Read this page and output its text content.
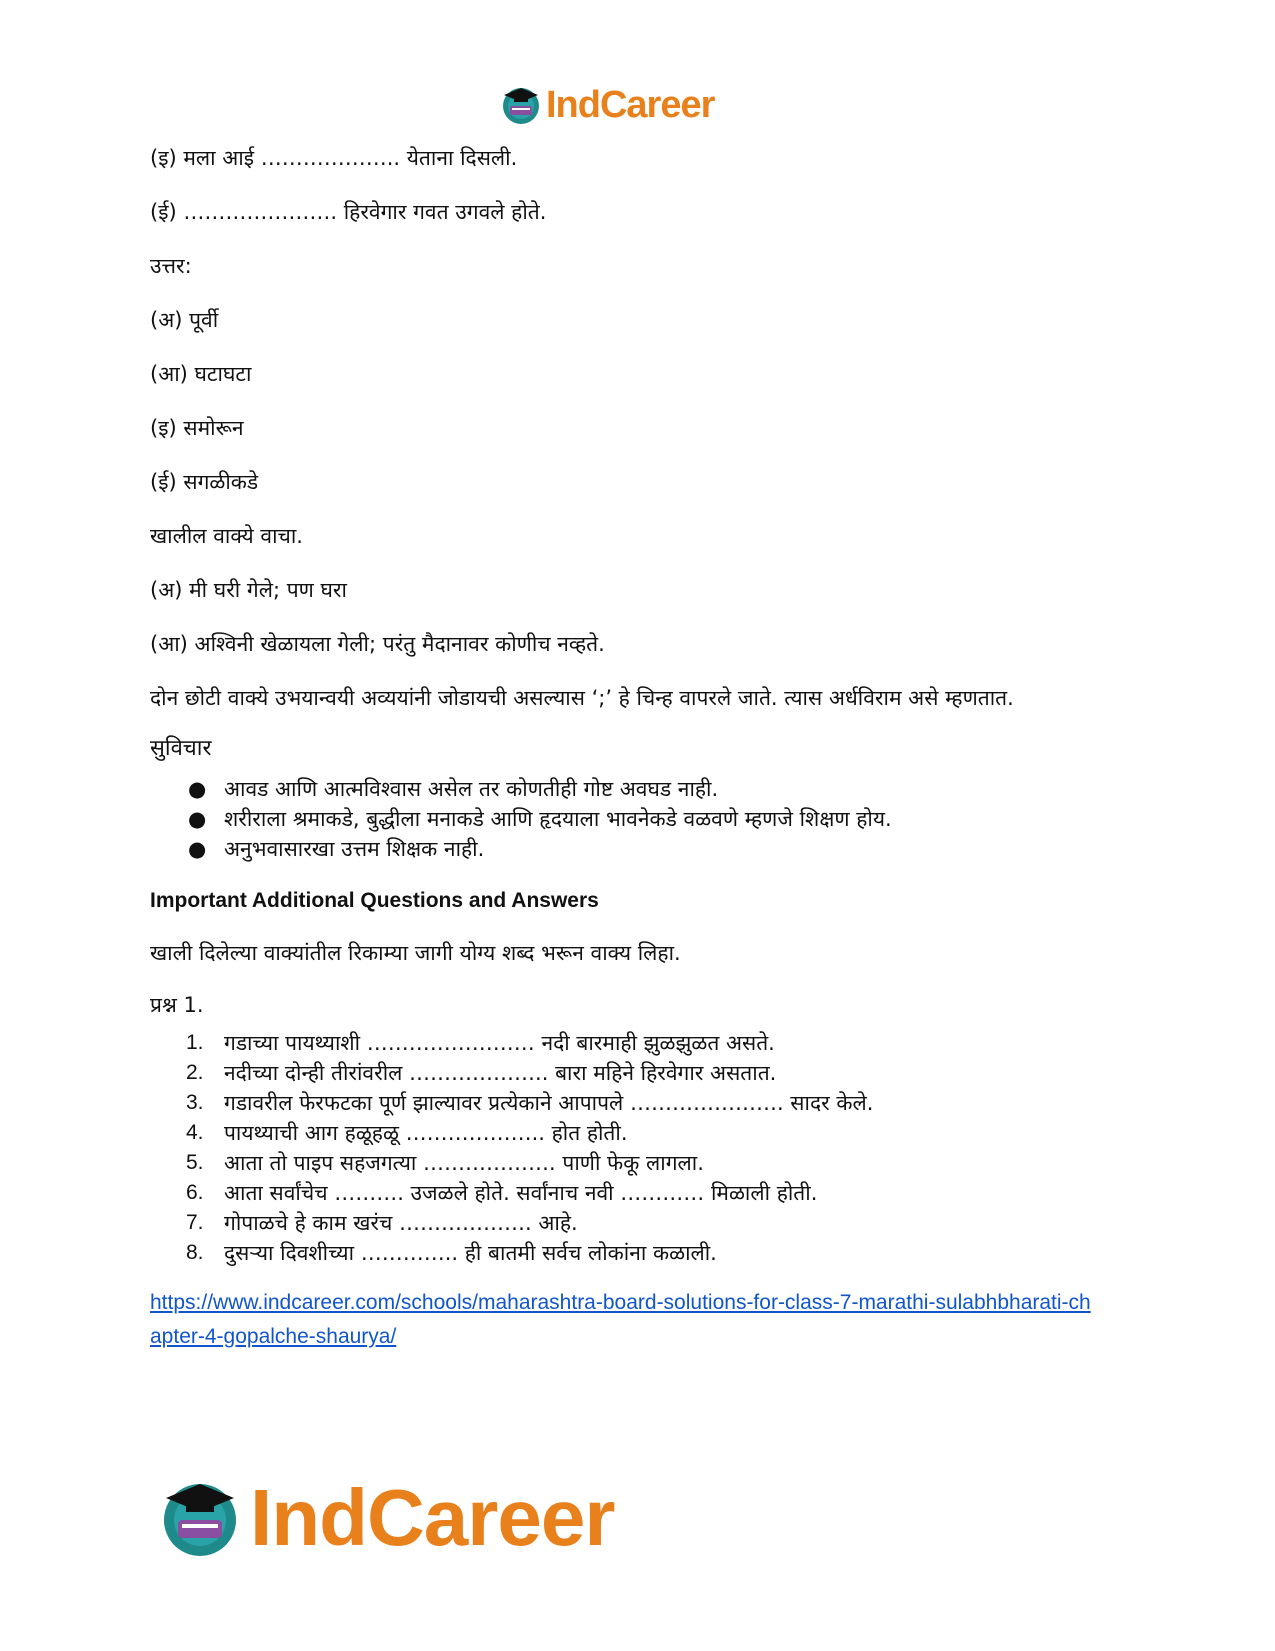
IndCareer

(इ) मला आई ……………….. येताना दिसली.

(ई) …………………. हिरवेगार गवत उगवले होते.

उत्तर:

(अ) पूर्वी

(आ) घटाघटा

(इ) समोरून

(ई) सगळीकडे

खालील वाक्ये वाचा.

(अ) मी घरी गेले; पण घरा

(आ) अश्विनी खेळायला गेली; परंतु मैदानावर कोणीच नव्हते.

दोन छोटी वाक्ये उभयान्वयी अव्ययांनी जोडायची असल्यास ‘;’ हे चिन्ह वापरले जाते. त्यास अर्धविराम असे म्हणतात.

सुविचार

● आवड आणि आत्मविश्वास असेल तर कोणतीही गोष्ट अवघड नाही.
● शरीराला श्रमाकडे, बुद्धीला मनाकडे आणि हृदयाला भावनेकडे वळवणे म्हणजे शिक्षण होय.
● अनुभवासारखा उत्तम शिक्षक नाही.

Important Additional Questions and Answers

खाली दिलेल्या वाक्यांतील रिकाम्या जागी योग्य शब्द भरून वाक्य लिहा.

प्रश्न 1.

1. गडाच्या पायथ्याशी …………………… नदी बारमाही झुळझुळत असते.
2. नदीच्या दोन्ही तीरांवरील ……………….. बारा महिने हिरवेगार असतात.
3. गडावरील फेरफटका पूर्ण झाल्यावर प्रत्येकाने आपापले …………………. सादर केले.
4. पायथ्याची आग हळूहळू ……………….. होत होती.
5. आता तो पाइप सहजगत्या ………………. पाणी फेकू लागला.
6. आता सर्वांचेच ………. उजळले होते. सर्वांनाच नवी ………… मिळाली होती.
7. गोपाळचे हे काम खरंच ………………. आहे.
8. दुसऱ्या दिवशीच्या ………….. ही बातमी सर्वच लोकांना कळाली.
https://www.indcareer.com/schools/maharashtra-board-solutions-for-class-7-marathi-sulabhbharati-chapter-4-gopalche-shaurya/
IndCareer
